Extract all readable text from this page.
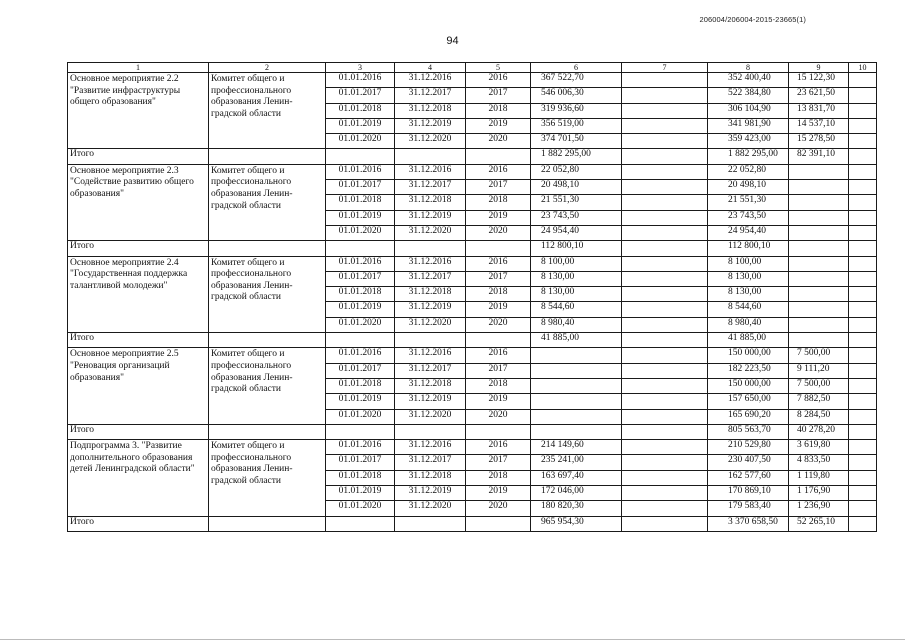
206004/206004-2015-23665(1)
94
1	2	3	4	5	6	7	8	9	10
Основное мероприятие 2.2 "Развитие инфраструктуры общего образования"	Комитет общего и профессионального образования Ленин-градской области	01.01.2016	31.12.2016	2016	367 522,70		352 400,40	15 122,30	
		01.01.2017	31.12.2017	2017	546 006,30		522 384,80	23 621,50	
		01.01.2018	31.12.2018	2018	319 936,60		306 104,90	13 831,70	
		01.01.2019	31.12.2019	2019	356 519,00		341 981,90	14 537,10	
		01.01.2020	31.12.2020	2020	374 701,50		359 423,00	15 278,50	
Итого					1 882 295,00		1 882 295,00	82 391,10	
Основное мероприятие 2.3 "Содействие развитию общего образования"	Комитет общего и профессионального образования Ленин-градской области	01.01.2016	31.12.2016	2016	22 052,80		22 052,80		
		01.01.2017	31.12.2017	2017	20 498,10		20 498,10		
		01.01.2018	31.12.2018	2018	21 551,30		21 551,30		
		01.01.2019	31.12.2019	2019	23 743,50		23 743,50		
		01.01.2020	31.12.2020	2020	24 954,40		24 954,40		
Итого					112 800,10		112 800,10		
Основное мероприятие 2.4 "Государственная поддержка талантливой молодежи"	Комитет общего и профессионального образования Ленин-градской области	01.01.2016	31.12.2016	2016	8 100,00		8 100,00		
		01.01.2017	31.12.2017	2017	8 130,00		8 130,00		
		01.01.2018	31.12.2018	2018	8 130,00		8 130,00		
		01.01.2019	31.12.2019	2019	8 544,60		8 544,60		
		01.01.2020	31.12.2020	2020	8 980,40		8 980,40		
Итого					41 885,00		41 885,00		
Основное мероприятие 2.5 "Реновация организаций образования"	Комитет общего и профессионального образования Ленин-градской области	01.01.2016	31.12.2016	2016			150 000,00	7 500,00	
		01.01.2017	31.12.2017	2017			182 223,50	9 111,20	
		01.01.2018	31.12.2018	2018			150 000,00	7 500,00	
		01.01.2019	31.12.2019	2019			157 650,00	7 882,50	
		01.01.2020	31.12.2020	2020			165 690,20	8 284,50	
Итого							805 563,70	40 278,20	
Подпрограмма 3. "Развитие дополнительного образования детей Ленинградской области"	Комитет общего и профессионального образования Ленин-градской области	01.01.2016	31.12.2016	2016	214 149,60		210 529,80	3 619,80	
		01.01.2017	31.12.2017	2017	235 241,00		230 407,50	4 833,50	
		01.01.2018	31.12.2018	2018	163 697,40		162 577,60	1 119,80	
		01.01.2019	31.12.2019	2019	172 046,00		170 869,10	1 176,90	
		01.01.2020	31.12.2020	2020	180 820,30		179 583,40	1 236,90	
Итого					965 954,30		3 370 658,50	52 265,10	
